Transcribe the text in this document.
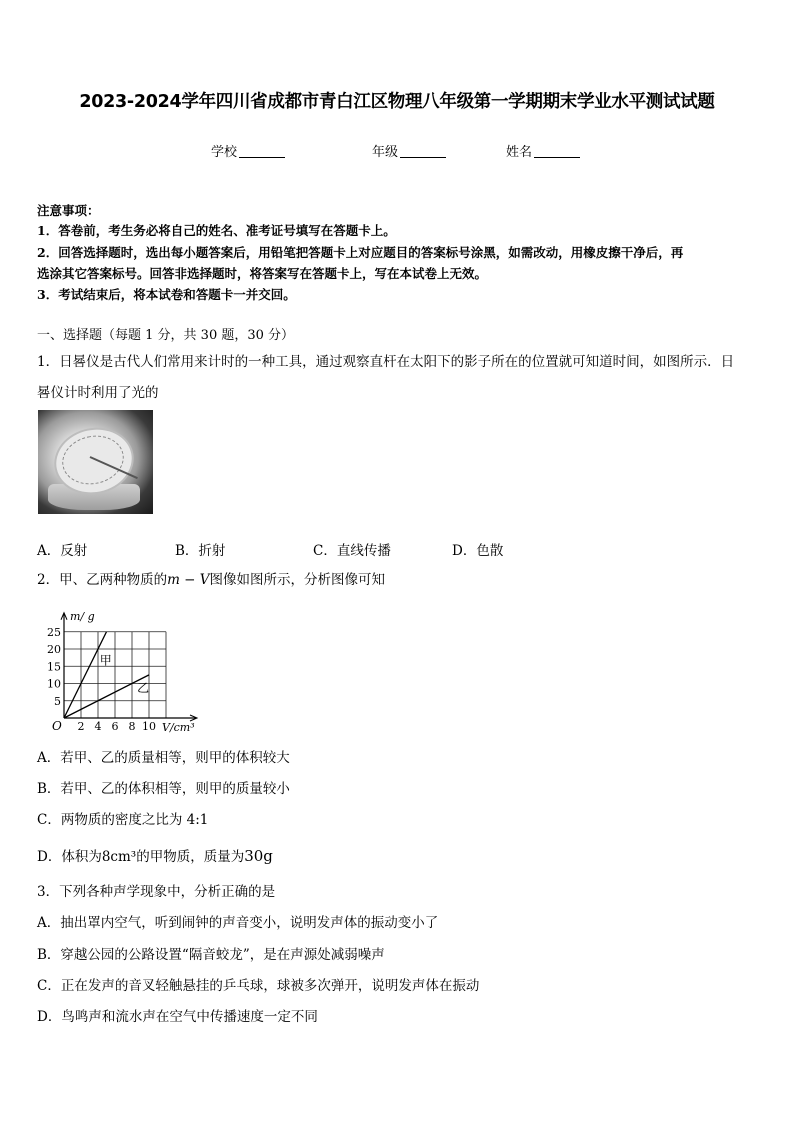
2023-2024学年四川省成都市青白江区物理八年级第一学期期末学业水平测试试题
学校	年级	姓名
注意事项：
1．答卷前，考生务必将自己的姓名、准考证号填写在答题卡上。
2．回答选择题时，选出每小题答案后，用铅笔把答题卡上对应题目的答案标号涂黑，如需改动，用橡皮擦干净后，再
选涂其它答案标号。回答非选择题时，将答案写在答题卡上，写在本试卷上无效。
3．考试结束后，将本试卷和答题卡一并交回。
一、选择题（每题 1 分，共 30 题，30 分）
1．日晷仪是古代人们常用来计时的一种工具，通过观察直杆在太阳下的影子所在的位置就可知道时间，如图所示．日
晷仪计时利用了光的
A．反射	B．折射	C．直线传播	D．色散
2．甲、乙两种物质的m − V图像如图所示，分析图像可知
甲
乙
2 4 6 8 10
5
10
15
20
25
O
m/ g
V/cm³
A．若甲、乙的质量相等，则甲的体积较大
B．若甲、乙的体积相等，则甲的质量较小
C．两物质的密度之比为 4:1
D．体积为8cm³的甲物质，质量为30g
3．下列各种声学现象中，分析正确的是
A．抽出罩内空气，听到闹钟的声音变小，说明发声体的振动变小了
B．穿越公园的公路设置“隔音蛟龙”，是在声源处减弱噪声
C．正在发声的音叉轻触悬挂的乒乓球，球被多次弹开，说明发声体在振动
D．鸟鸣声和流水声在空气中传播速度一定不同
